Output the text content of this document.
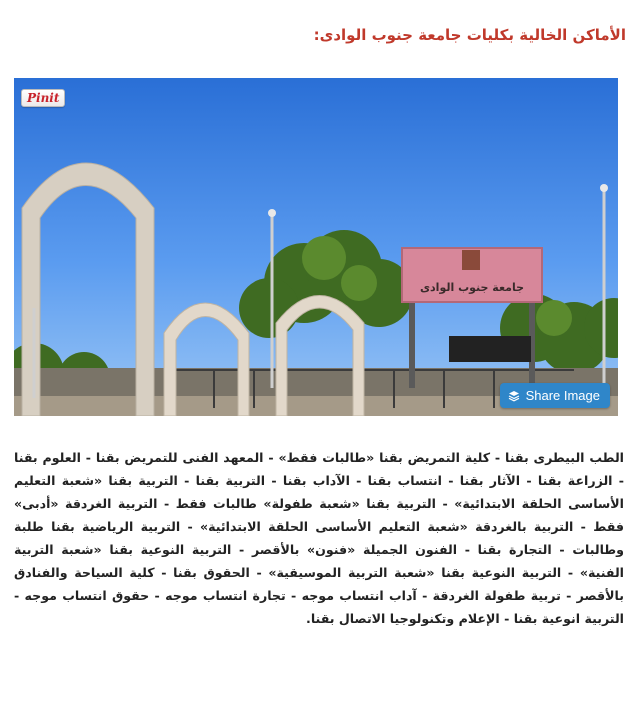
الأماكن الخالية بكليات جامعة جنوب الوادى:
جامعة جنوب الوادى
Pinit
Share Image
الطب البيطرى بقنا - كلية التمريض بقنا «طالبات فقط» - المعهد الفنى للتمريض بقنا - العلوم بقنا - الزراعة بقنا - الآثار بقنا - انتساب بقنا - الآداب بقنا - التربية بقنا - التربية بقنا «شعبة التعليم الأساسى الحلقة الابتدائية» - التربية بقنا «شعبة طفولة» طالبات فقط - التربية الغردقة «أدبى» فقط - التربية بالغردقة «شعبة التعليم الأساسى الحلقة الابتدائية» - التربية الرياضية بقنا طلبة وطالبات - التجارة بقنا - الفنون الجميلة «فنون» بالأقصر - التربية النوعية بقنا «شعبة التربية الفنية» - التربية النوعية بقنا «شعبة التربية الموسيقية» - الحقوق بقنا - كلية السياحة والفنادق بالأقصر - تربية طفولة الغردقة - آداب انتساب موجه - تجارة انتساب موجه - حقوق انتساب موجه - التربية انوعية بقنا - الإعلام وتكنولوجيا الاتصال بقنا.
